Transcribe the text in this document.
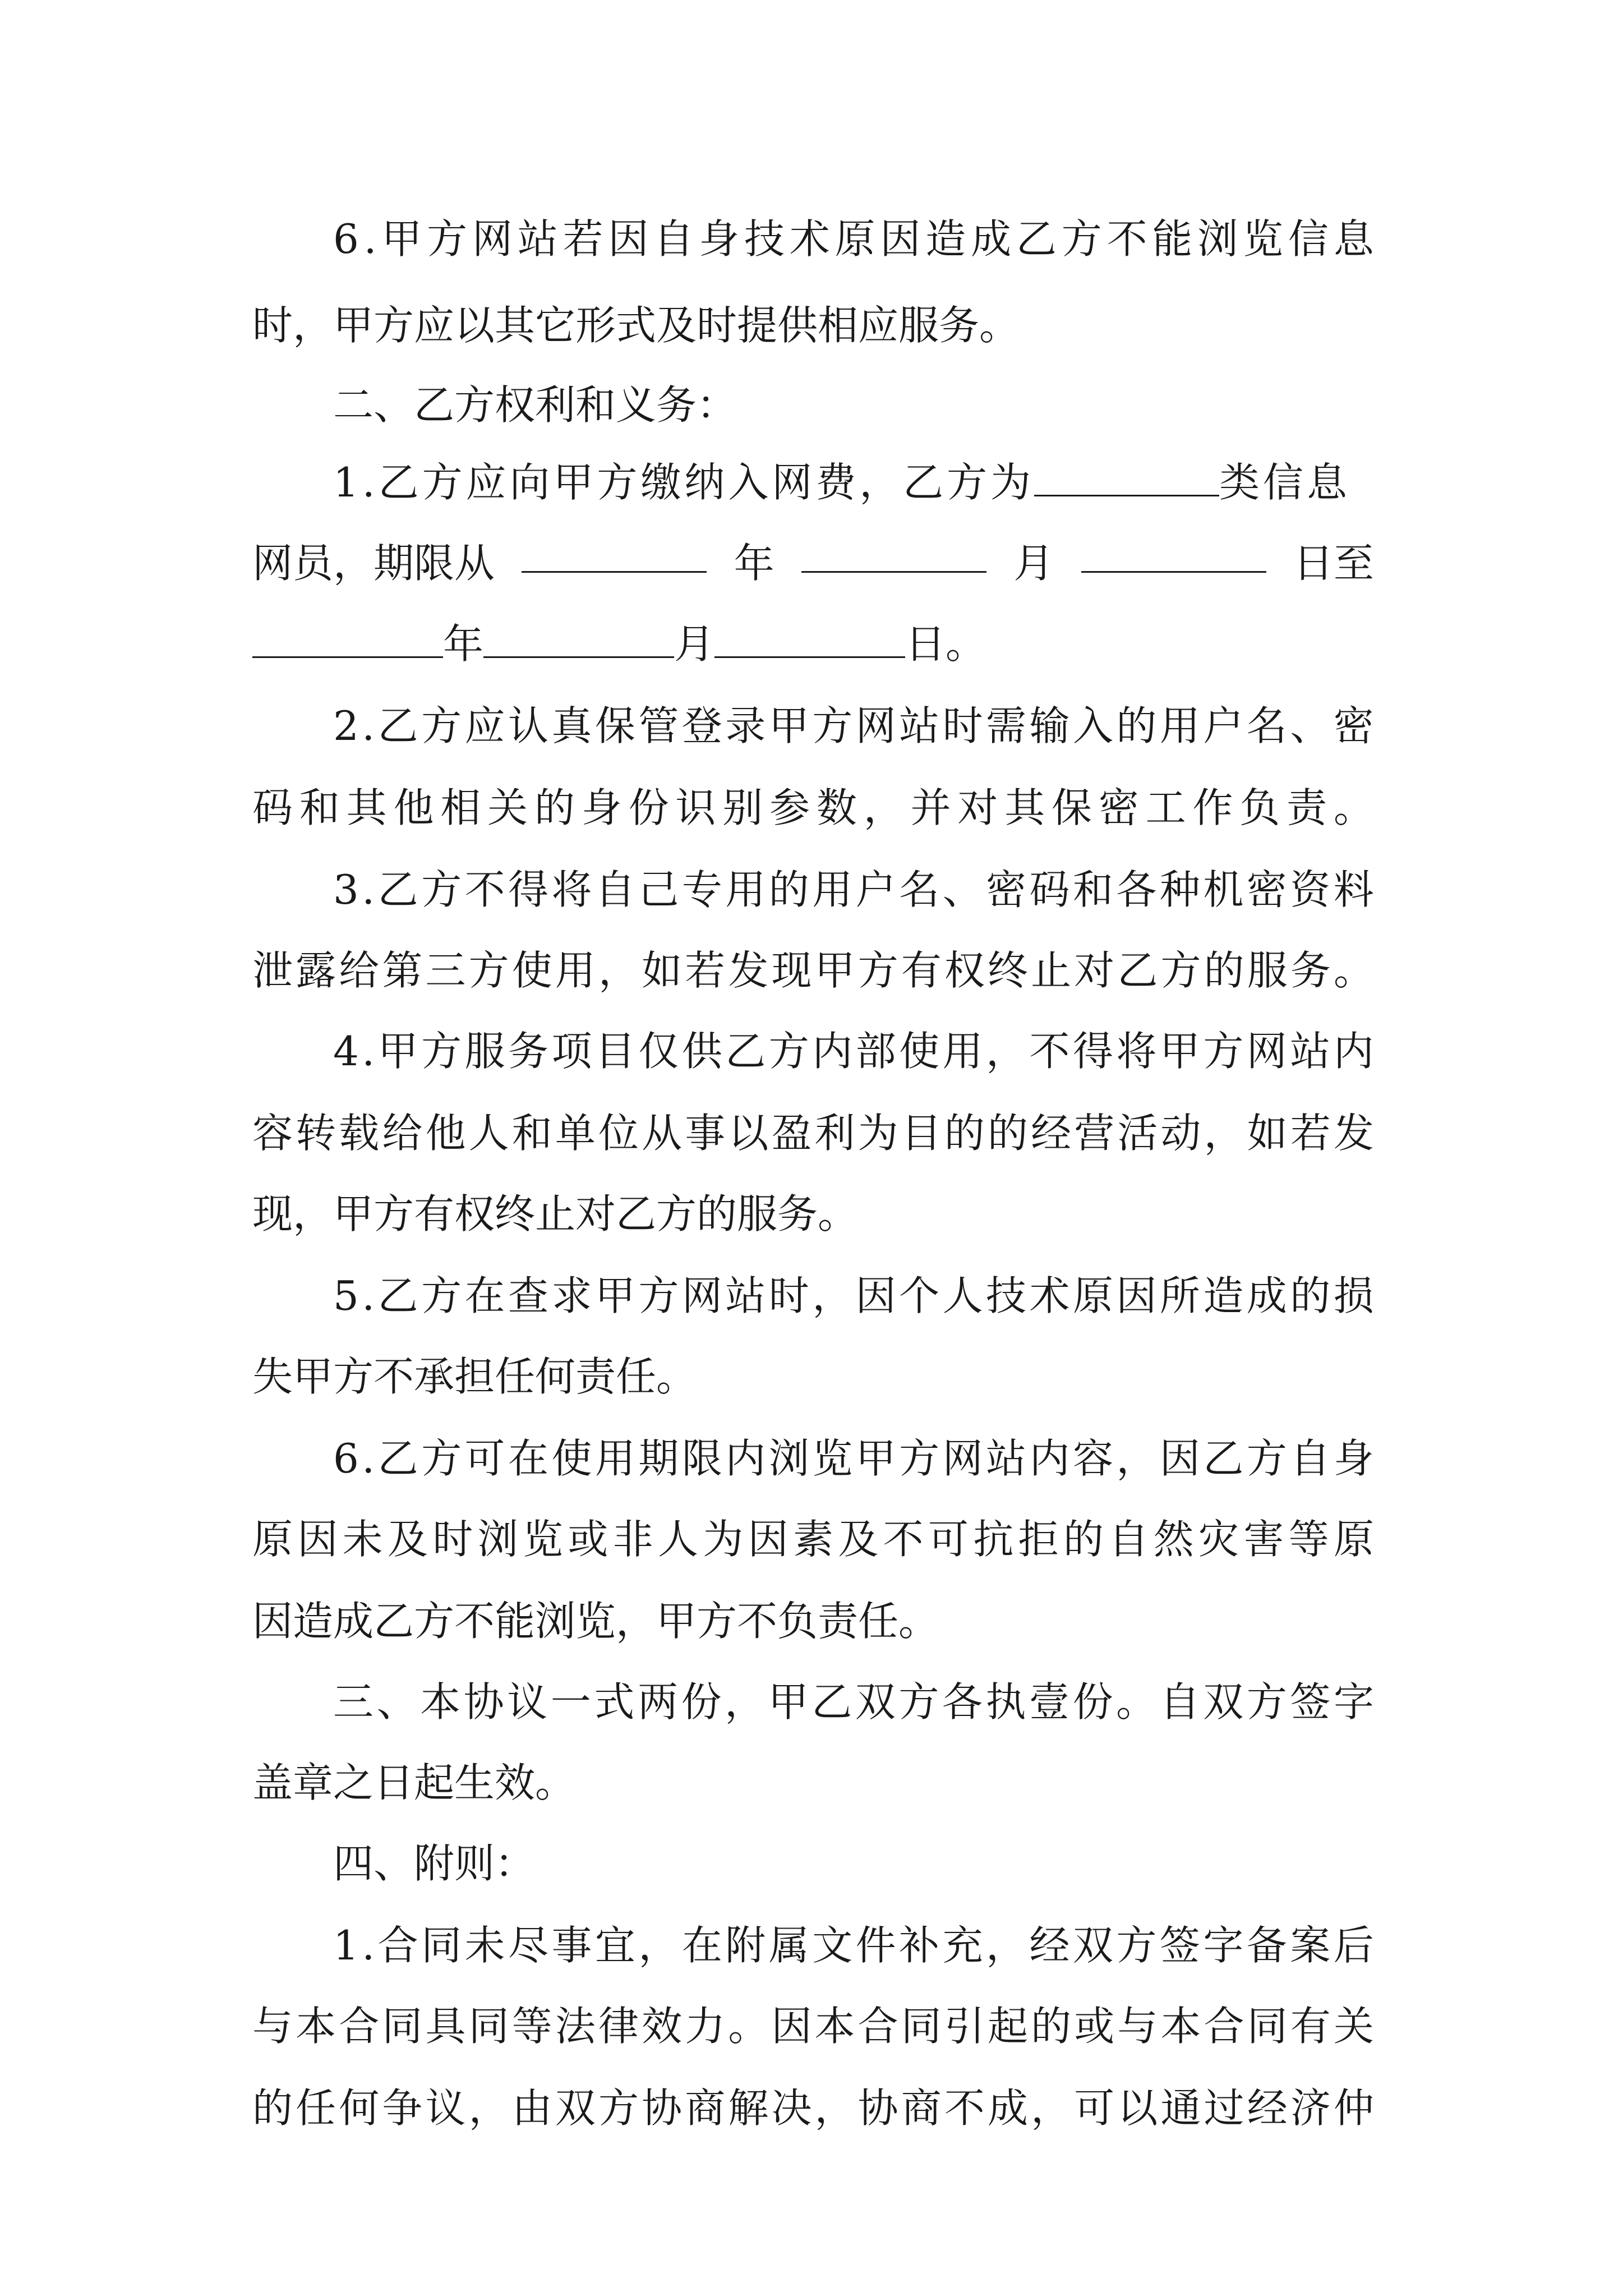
6.甲方网站若因自身技术原因造成乙方不能浏览信息
时，甲方应以其它形式及时提供相应服务。
二、乙方权利和义务：
1.乙方应向甲方缴纳入网费，乙方为	类信息
网员，期限从	年	月	日至
年	月	日。
2.乙方应认真保管登录甲方网站时需输入的用户名、密
码和其他相关的身份识别参数，并对其保密工作负责。
3.乙方不得将自己专用的用户名、密码和各种机密资料
泄露给第三方使用，如若发现甲方有权终止对乙方的服务。
4.甲方服务项目仅供乙方内部使用，不得将甲方网站内
容转载给他人和单位从事以盈利为目的的经营活动，如若发
现，甲方有权终止对乙方的服务。
5.乙方在查求甲方网站时，因个人技术原因所造成的损
失甲方不承担任何责任。
6.乙方可在使用期限内浏览甲方网站内容，因乙方自身
原因未及时浏览或非人为因素及不可抗拒的自然灾害等原
因造成乙方不能浏览，甲方不负责任。
三、本协议一式两份，甲乙双方各执壹份。自双方签字
盖章之日起生效。
四、附则：
1.合同未尽事宜，在附属文件补充，经双方签字备案后
与本合同具同等法律效力。因本合同引起的或与本合同有关
的任何争议，由双方协商解决，协商不成，可以通过经济仲
